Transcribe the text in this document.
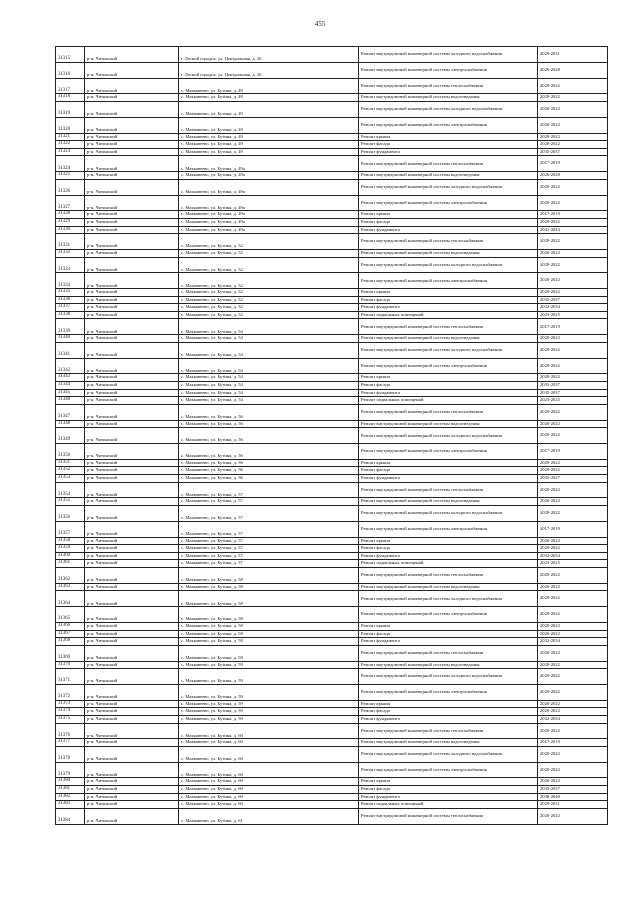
455
31315	р-н. Читинский	г. Лесной городок, ул. Центральная, д. 26	Ремонт внутридомовой инженерной системы холодного водоснабжения	2029-2031
31316	р-н. Читинский	г. Лесной городок, ул. Центральная, д. 26	Ремонт внутридомовой инженерной системы электроснабжения	2026-2028
31317	р-н. Читинский	с. Маккавеево, ул. Бутина, д. 49	Ремонт внутридомовой инженерной системы теплоснабжения	2020-2022
31318	р-н. Читинский	с. Маккавеево, ул. Бутина, д. 49	Ремонт внутридомовой инженерной системы водоотведения	2020-2022
31319	р-н. Читинский	с. Маккавеево, ул. Бутина, д. 49	Ремонт внутридомовой инженерной системы холодного водоснабжения	2020-2022
31320	р-н. Читинский	с. Маккавеево, ул. Бутина, д. 49	Ремонт внутридомовой инженерной системы электроснабжения	2020-2022
31321	р-н. Читинский	с. Маккавеево, ул. Бутина, д. 49	Ремонт крыши	2020-2022
31322	р-н. Читинский	с. Маккавеево, ул. Бутина, д. 49	Ремонт фасада	2020-2022
31323	р-н. Читинский	с. Маккавеево, ул. Бутина, д. 49	Ремонт фундамента	2035-2037
31324	р-н. Читинский	с. Маккавеево, ул. Бутина, д. 49а	Ремонт внутридомовой инженерной системы теплоснабжения	2017-2019
31325	р-н. Читинский	с. Маккавеево, ул. Бутина, д. 49а	Ремонт внутридомовой инженерной системы водоотведения	2026-2028
31326	р-н. Читинский	с. Маккавеево, ул. Бутина, д. 49а	Ремонт внутридомовой инженерной системы холодного водоснабжения	2020-2022
31327	р-н. Читинский	с. Маккавеево, ул. Бутина, д. 49а	Ремонт внутридомовой инженерной системы электроснабжения	2020-2022
31328	р-н. Читинский	с. Маккавеево, ул. Бутина, д. 49а	Ремонт крыши	2017-2019
31329	р-н. Читинский	с. Маккавеево, ул. Бутина, д. 49а	Ремонт фасада	2020-2022
31330	р-н. Читинский	с. Маккавеево, ул. Бутина, д. 49а	Ремонт фундамента	2041-2043
31331	р-н. Читинский	с. Маккавеево, ул. Бутина, д. 52	Ремонт внутридомовой инженерной системы теплоснабжения	2020-2022
31332	р-н. Читинский	с. Маккавеево, ул. Бутина, д. 52	Ремонт внутридомовой инженерной системы водоотведения	2020-2022
31333	р-н. Читинский	с. Маккавеево, ул. Бутина, д. 52	Ремонт внутридомовой инженерной системы холодного водоснабжения	2020-2022
31334	р-н. Читинский	с. Маккавеево, ул. Бутина, д. 52	Ремонт внутридомовой инженерной системы электроснабжения	2020-2022
31335	р-н. Читинский	с. Маккавеево, ул. Бутина, д. 52	Ремонт крыши	2020-2022
31336	р-н. Читинский	с. Маккавеево, ул. Бутина, д. 52	Ремонт фасада	2035-2037
31337	р-н. Читинский	с. Маккавеево, ул. Бутина, д. 52	Ремонт фундамента	2032-2034
31338	р-н. Читинский	с. Маккавеево, ул. Бутина, д. 52	Ремонт подвальных помещений	2023-2025
31339	р-н. Читинский	с. Маккавеево, ул. Бутина, д. 54	Ремонт внутридомовой инженерной системы теплоснабжения	2017-2019
31340	р-н. Читинский	с. Маккавеево, ул. Бутина, д. 54	Ремонт внутридомовой инженерной системы водоотведения	2020-2022
31341	р-н. Читинский	с. Маккавеево, ул. Бутина, д. 54	Ремонт внутридомовой инженерной системы холодного водоснабжения	2020-2022
31342	р-н. Читинский	с. Маккавеево, ул. Бутина, д. 54	Ремонт внутридомовой инженерной системы электроснабжения	2020-2022
31343	р-н. Читинский	с. Маккавеево, ул. Бутина, д. 54	Ремонт крыши	2020-2022
31344	р-н. Читинский	с. Маккавеево, ул. Бутина, д. 54	Ремонт фасада	2035-2037
31345	р-н. Читинский	с. Маккавеево, ул. Бутина, д. 54	Ремонт фундамента	2035-2037
31346	р-н. Читинский	с. Маккавеево, ул. Бутина, д. 54	Ремонт подвальных помещений	2023-2025
31347	р-н. Читинский	с. Маккавеево, ул. Бутина, д. 56	Ремонт внутридомовой инженерной системы теплоснабжения	2020-2022
31348	р-н. Читинский	с. Маккавеево, ул. Бутина, д. 56	Ремонт внутридомовой инженерной системы водоотведения	2020-2022
31349	р-н. Читинский	с. Маккавеево, ул. Бутина, д. 56	Ремонт внутридомовой инженерной системы холодного водоснабжения	2020-2022
31350	р-н. Читинский	с. Маккавеево, ул. Бутина, д. 56	Ремонт внутридомовой инженерной системы электроснабжения	2017-2019
31351	р-н. Читинский	с. Маккавеево, ул. Бутина, д. 56	Ремонт крыши	2020-2022
31352	р-н. Читинский	с. Маккавеево, ул. Бутина, д. 56	Ремонт фасада	2020-2022
31353	р-н. Читинский	с. Маккавеево, ул. Бутина, д. 56	Ремонт фундамента	2035-2037
31354	р-н. Читинский	с. Маккавеево, ул. Бутина, д. 57	Ремонт внутридомовой инженерной системы теплоснабжения	2020-2022
31355	р-н. Читинский	с. Маккавеево, ул. Бутина, д. 57	Ремонт внутридомовой инженерной системы водоотведения	2020-2022
31356	р-н. Читинский	с. Маккавеево, ул. Бутина, д. 57	Ремонт внутридомовой инженерной системы холодного водоснабжения	2020-2022
31357	р-н. Читинский	с. Маккавеево, ул. Бутина, д. 57	Ремонт внутридомовой инженерной системы электроснабжения	2017-2019
31358	р-н. Читинский	с. Маккавеево, ул. Бутина, д. 57	Ремонт крыши	2020-2022
31359	р-н. Читинский	с. Маккавеево, ул. Бутина, д. 57	Ремонт фасада	2020-2022
31360	р-н. Читинский	с. Маккавеево, ул. Бутина, д. 57	Ремонт фундамента	2032-2034
31361	р-н. Читинский	с. Маккавеево, ул. Бутина, д. 57	Ремонт подвальных помещений	2023-2025
31362	р-н. Читинский	с. Маккавеево, ул. Бутина, д. 58	Ремонт внутридомовой инженерной системы теплоснабжения	2020-2022
31363	р-н. Читинский	с. Маккавеево, ул. Бутина, д. 58	Ремонт внутридомовой инженерной системы водоотведения	2020-2022
31364	р-н. Читинский	с. Маккавеево, ул. Бутина, д. 58	Ремонт внутридомовой инженерной системы холодного водоснабжения	2020-2022
31365	р-н. Читинский	с. Маккавеево, ул. Бутина, д. 58	Ремонт внутридомовой инженерной системы электроснабжения	2020-2022
31366	р-н. Читинский	с. Маккавеево, ул. Бутина, д. 58	Ремонт крыши	2020-2022
31367	р-н. Читинский	с. Маккавеево, ул. Бутина, д. 58	Ремонт фасада	2020-2022
31368	р-н. Читинский	с. Маккавеево, ул. Бутина, д. 58	Ремонт фундамента	2032-2034
31369	р-н. Читинский	с. Маккавеево, ул. Бутина, д. 59	Ремонт внутридомовой инженерной системы теплоснабжения	2020-2022
31370	р-н. Читинский	с. Маккавеево, ул. Бутина, д. 59	Ремонт внутридомовой инженерной системы водоотведения	2020-2022
31371	р-н. Читинский	с. Маккавеево, ул. Бутина, д. 59	Ремонт внутридомовой инженерной системы холодного водоснабжения	2020-2022
31372	р-н. Читинский	с. Маккавеево, ул. Бутина, д. 59	Ремонт внутридомовой инженерной системы электроснабжения	2020-2022
31373	р-н. Читинский	с. Маккавеево, ул. Бутина, д. 59	Ремонт крыши	2020-2022
31374	р-н. Читинский	с. Маккавеево, ул. Бутина, д. 59	Ремонт фасада	2020-2022
31375	р-н. Читинский	с. Маккавеево, ул. Бутина, д. 59	Ремонт фундамента	2032-2034
31376	р-н. Читинский	с. Маккавеево, ул. Бутина, д. 60	Ремонт внутридомовой инженерной системы теплоснабжения	2020-2022
31377	р-н. Читинский	с. Маккавеево, ул. Бутина, д. 60	Ремонт внутридомовой инженерной системы водоотведения	2017-2019
31378	р-н. Читинский	с. Маккавеево, ул. Бутина, д. 60	Ремонт внутридомовой инженерной системы холодного водоснабжения	2020-2022
31379	р-н. Читинский	с. Маккавеево, ул. Бутина, д. 60	Ремонт внутридомовой инженерной системы электроснабжения	2020-2022
31380	р-н. Читинский	с. Маккавеево, ул. Бутина, д. 60	Ремонт крыши	2020-2022
31381	р-н. Читинский	с. Маккавеево, ул. Бутина, д. 60	Ремонт фасада	2035-2037
31382	р-н. Читинский	с. Маккавеево, ул. Бутина, д. 60	Ремонт фундамента	2038-2040
31383	р-н. Читинский	с. Маккавеево, ул. Бутина, д. 60	Ремонт подвальных помещений	2029-2031
31384	р-н. Читинский	с. Маккавеево, ул. Бутина, д. 61	Ремонт внутридомовой инженерной системы теплоснабжения	2020-2022
